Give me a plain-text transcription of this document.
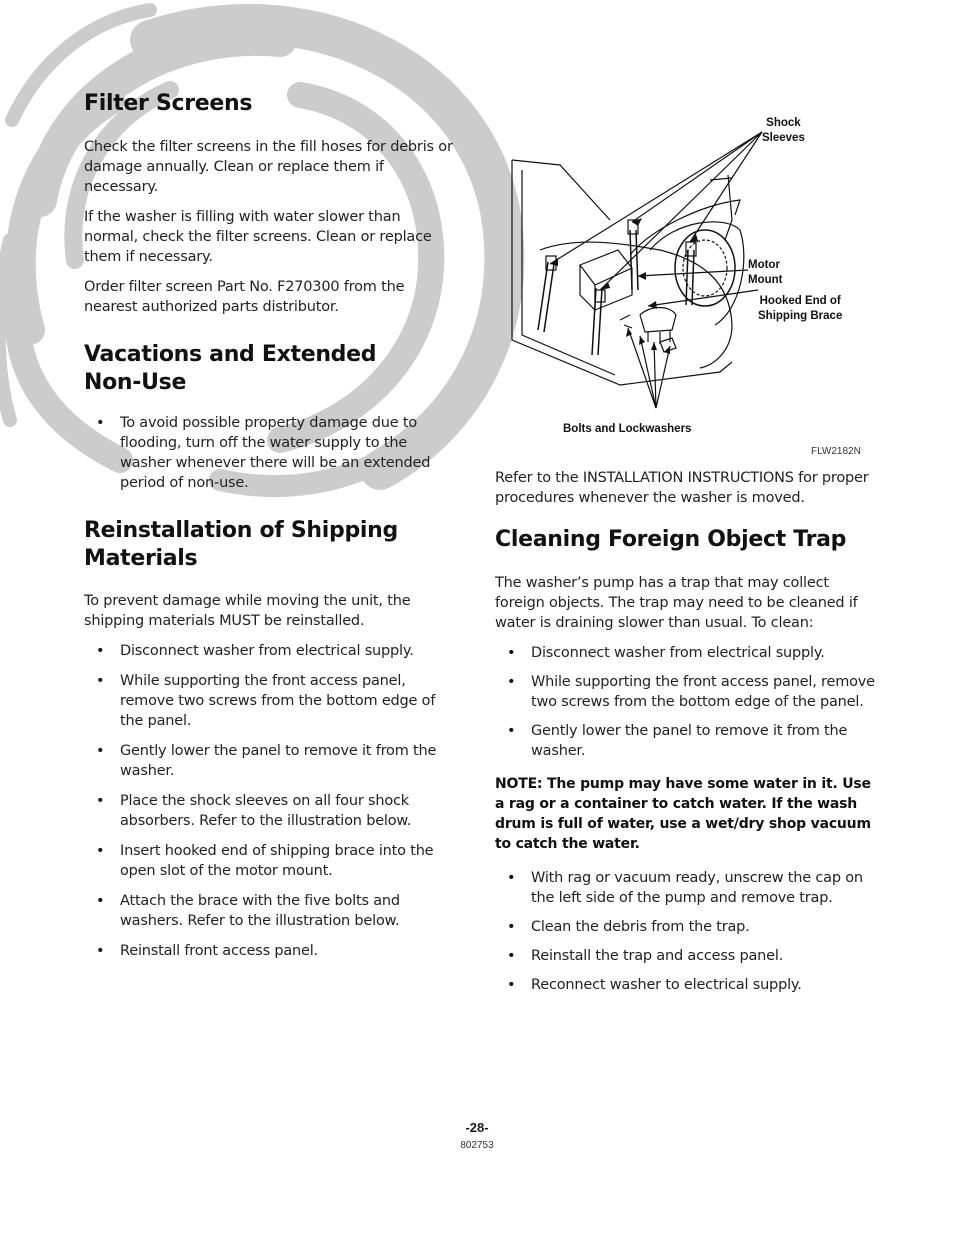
Filter Screens

Check the filter screens in the fill hoses for debris or damage annually. Clean or replace them if necessary.

If the washer is filling with water slower than normal, check the filter screens. Clean or replace them if necessary.

Order filter screen Part No. F270300 from the nearest authorized parts distributor.

Vacations and Extended
Non-Use
• To avoid possible property damage due to flooding, turn off the water supply to the washer whenever there will be an extended period of non-use.
Reinstallation of Shipping
Materials

To prevent damage while moving the unit, the shipping materials MUST be reinstalled.

• Disconnect washer from electrical supply.
• While supporting the front access panel, remove two screws from the bottom edge of the panel.
• Gently lower the panel to remove it from the washer.
• Place the shock sleeves on all four shock absorbers. Refer to the illustration below.
• Insert hooked end of shipping brace into the open slot of the motor mount.
• Attach the brace with the five bolts and washers. Refer to the illustration below.
• Reinstall front access panel.
Shock
Sleeves
Motor
Mount
Hooked End of
Shipping Brace
Bolts and Lockwashers
FLW2182N

Refer to the INSTALLATION INSTRUCTIONS for proper procedures whenever the washer is moved.

Cleaning Foreign Object Trap

The washer’s pump has a trap that may collect foreign objects. The trap may need to be cleaned if water is draining slower than usual. To clean:

• Disconnect washer from electrical supply.
• While supporting the front access panel, remove two screws from the bottom edge of the panel.
• Gently lower the panel to remove it from the washer.

NOTE: The pump may have some water in it. Use a rag or a container to catch water. If the wash drum is full of water, use a wet/dry shop vacuum to catch the water.

• With rag or vacuum ready, unscrew the cap on the left side of the pump and remove trap.
• Clean the debris from the trap.
• Reinstall the trap and access panel.
• Reconnect washer to electrical supply.
-28-
802753
